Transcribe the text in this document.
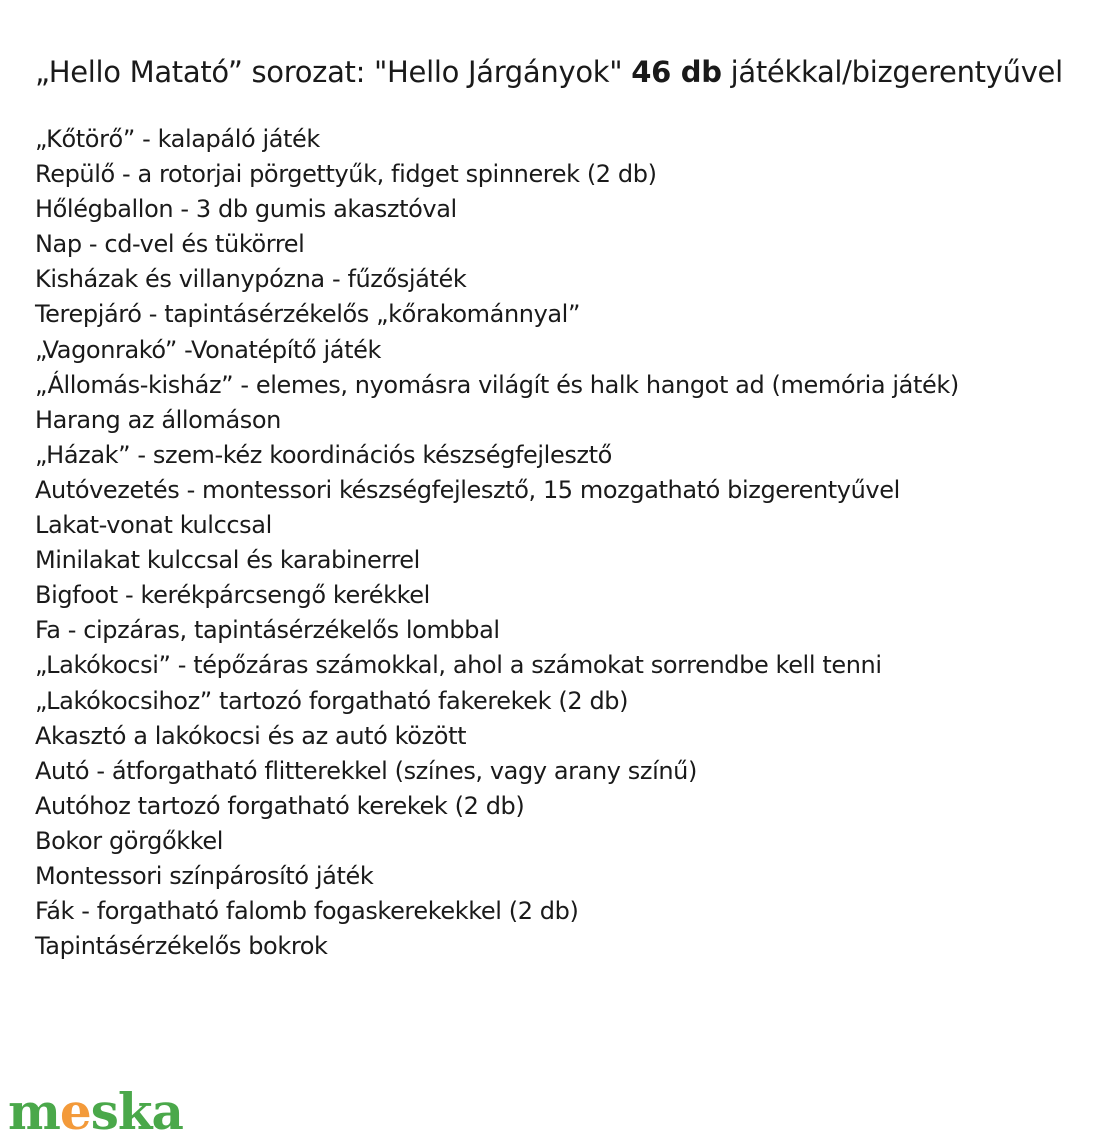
„Hello Matató” sorozat: "Hello Járgányok" 46 db játékkal/bizgerentyűvel
„Kőtörő” - kalapáló játék
Repülő - a rotorjai pörgettyűk, fidget spinnerek (2 db)
Hőlégballon - 3 db gumis akasztóval
Nap - cd-vel és tükörrel
Kisházak és villanypózna - fűzősjáték
Terepjáró - tapintásérzékelős „kőrakománnyal”
„Vagonrakó” -Vonatépítő játék
„Állomás-kisház” - elemes, nyomásra világít és halk hangot ad (memória játék)
Harang az állomáson
„Házak” - szem-kéz koordinációs készségfejlesztő
Autóvezetés - montessori készségfejlesztő, 15 mozgatható bizgerentyűvel
Lakat-vonat kulccsal
Minilakat kulccsal és karabinerrel
Bigfoot - kerékpárcsengő kerékkel
Fa - cipzáras, tapintásérzékelős lombbal
„Lakókocsi” - tépőzáras számokkal, ahol a számokat sorrendbe kell tenni
„Lakókocsihoz” tartozó forgatható fakerekek (2 db)
Akasztó a lakókocsi és az autó között
Autó - átforgatható flitterekkel (színes, vagy arany színű)
Autóhoz tartozó forgatható kerekek (2 db)
Bokor görgőkkel
Montessori színpárosító játék
Fák - forgatható falomb fogaskerekekkel (2 db)
Tapintásérzékelős bokrok
meska
